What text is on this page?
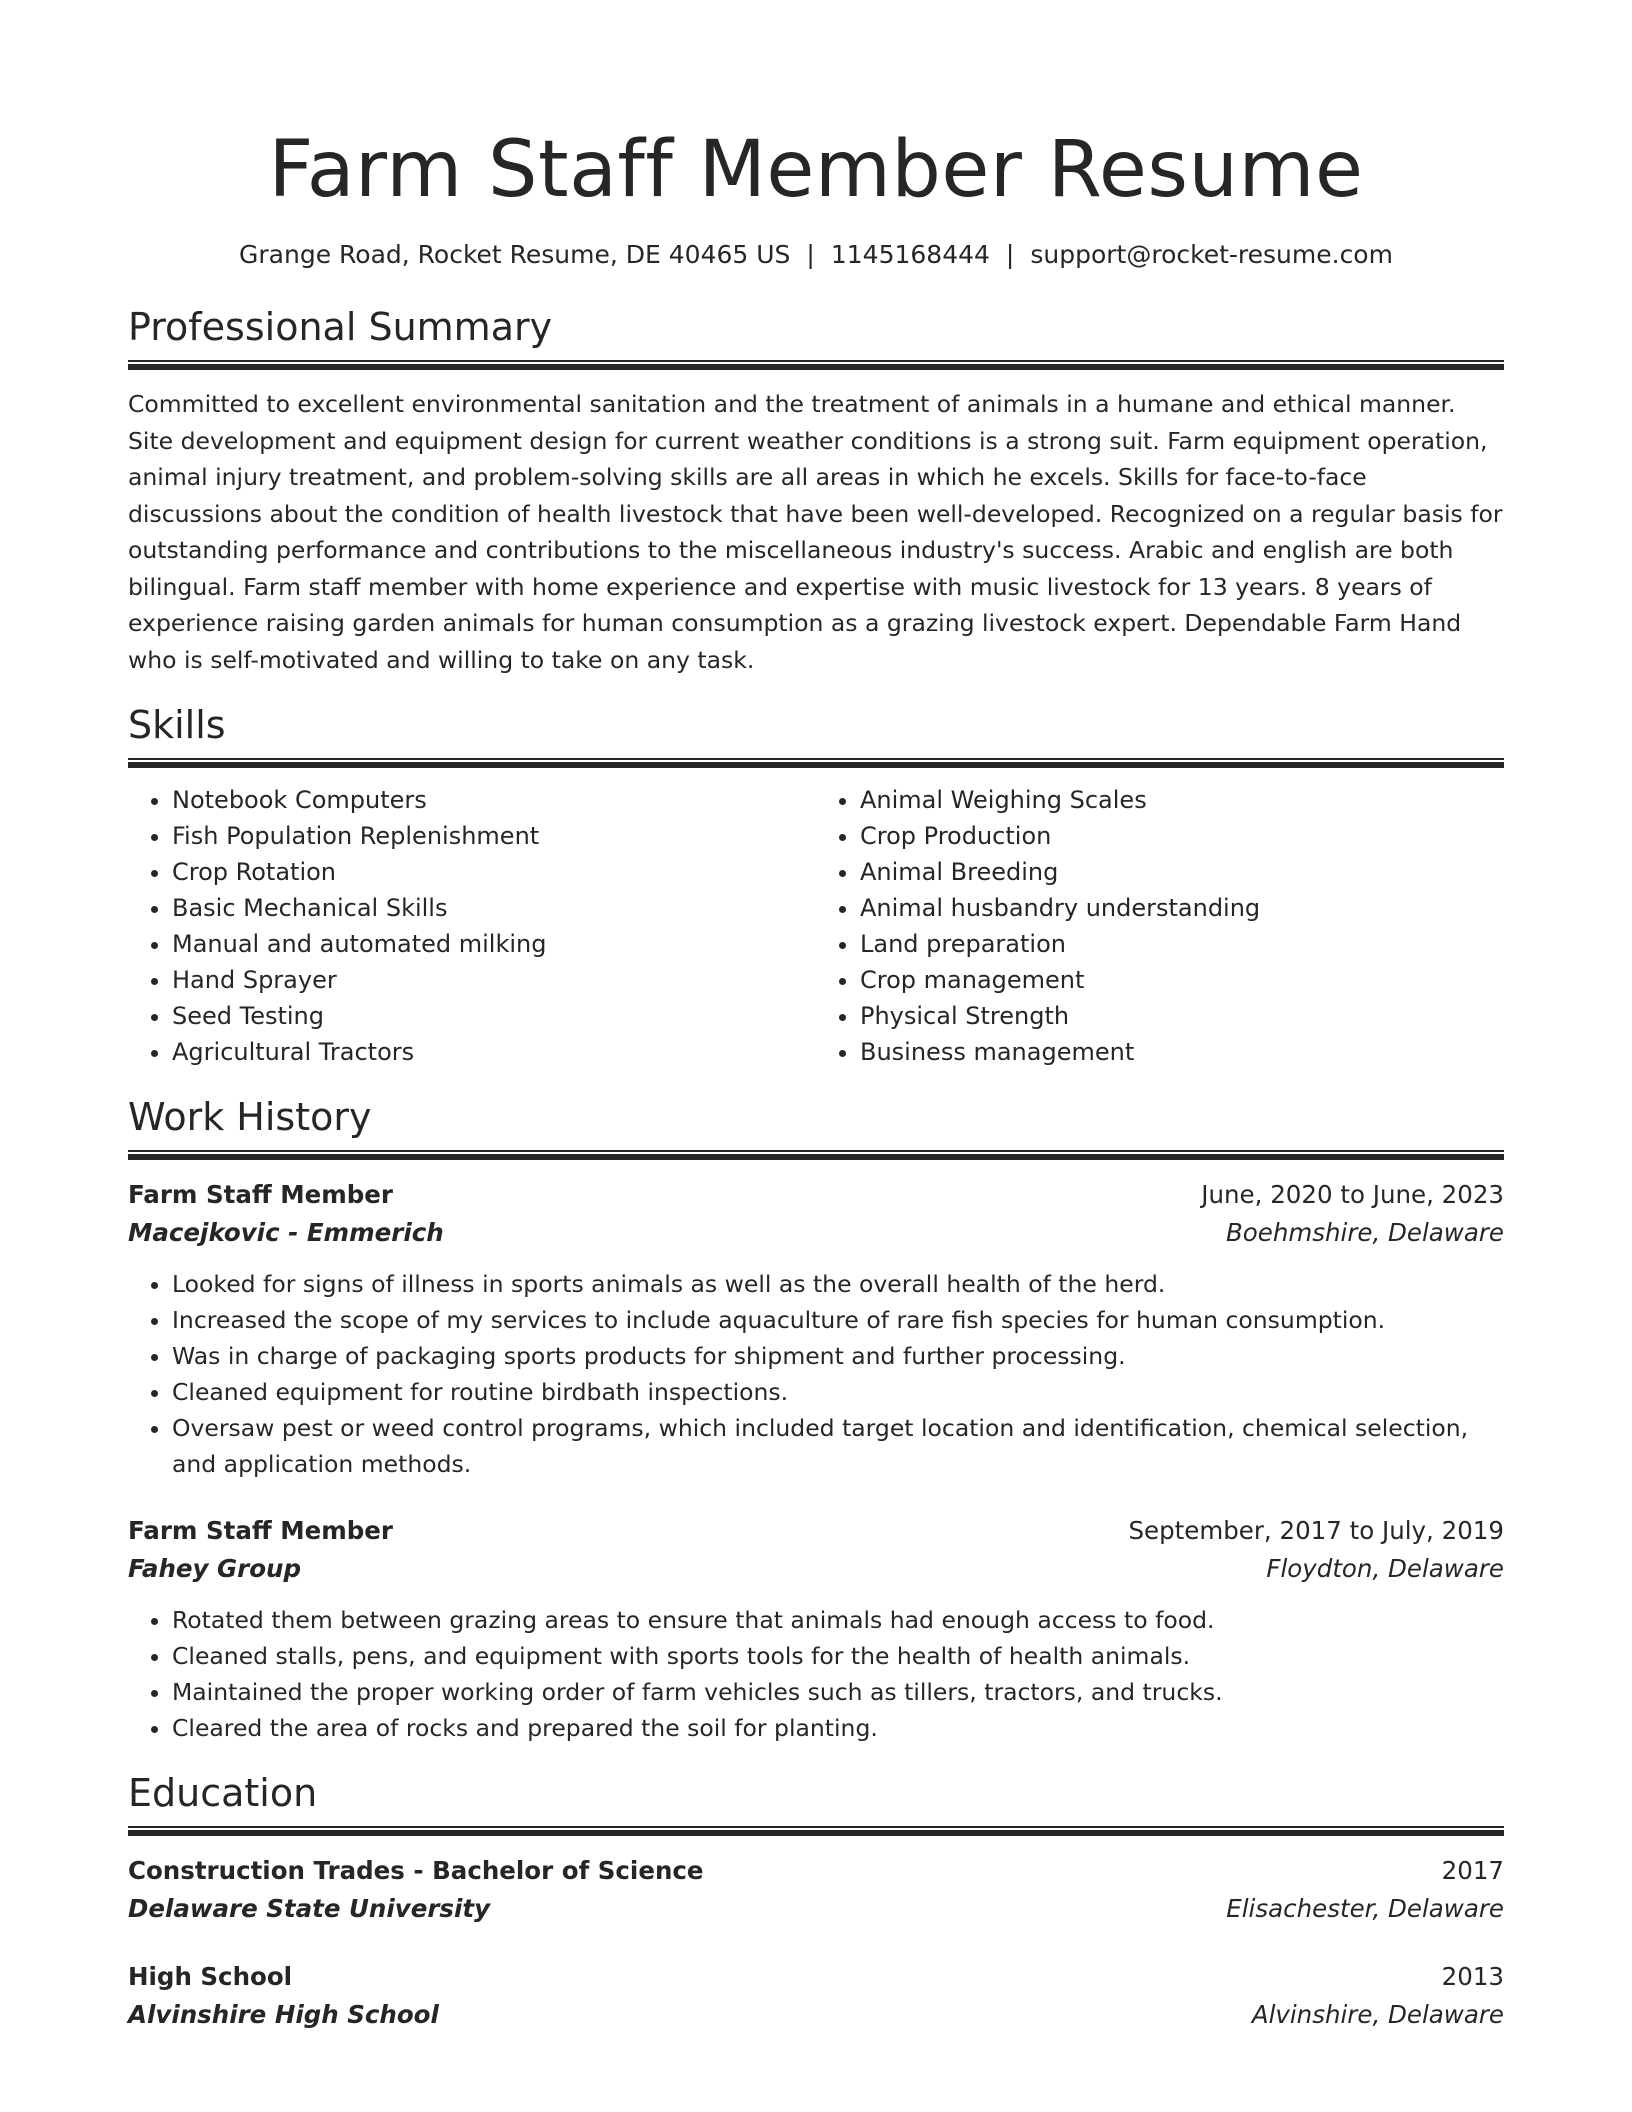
Farm Staff Member Resume
Grange Road, Rocket Resume, DE 40465 US | 1145168444 | support@rocket-resume.com
Professional Summary

Committed to excellent environmental sanitation and the treatment of animals in a humane and ethical manner. Site development and equipment design for current weather conditions is a strong suit. Farm equipment operation, animal injury treatment, and problem-solving skills are all areas in which he excels. Skills for face-to-face discussions about the condition of health livestock that have been well-developed. Recognized on a regular basis for outstanding performance and contributions to the miscellaneous industry's success. Arabic and english are both bilingual. Farm staff member with home experience and expertise with music livestock for 13 years. 8 years of experience raising garden animals for human consumption as a grazing livestock expert. Dependable Farm Hand who is self-motivated and willing to take on any task.

Skills
• Notebook Computers
• Fish Population Replenishment
• Crop Rotation
• Basic Mechanical Skills
• Manual and automated milking
• Hand Sprayer
• Seed Testing
• Agricultural Tractors
• Animal Weighing Scales
• Crop Production
• Animal Breeding
• Animal husbandry understanding
• Land preparation
• Crop management
• Physical Strength
• Business management
Work History
Farm Staff Member	June, 2020 to June, 2023
Macejkovic - Emmerich	Boehmshire, Delaware
• Looked for signs of illness in sports animals as well as the overall health of the herd.
• Increased the scope of my services to include aquaculture of rare fish species for human consumption.
• Was in charge of packaging sports products for shipment and further processing.
• Cleaned equipment for routine birdbath inspections.
• Oversaw pest or weed control programs, which included target location and identification, chemical selection, and application methods.
Farm Staff Member	September, 2017 to July, 2019
Fahey Group	Floydton, Delaware
• Rotated them between grazing areas to ensure that animals had enough access to food.
• Cleaned stalls, pens, and equipment with sports tools for the health of health animals.
• Maintained the proper working order of farm vehicles such as tillers, tractors, and trucks.
• Cleared the area of rocks and prepared the soil for planting.
Education
Construction Trades - Bachelor of Science	2017
Delaware State University	Elisachester, Delaware
High School	2013
Alvinshire High School	Alvinshire, Delaware
